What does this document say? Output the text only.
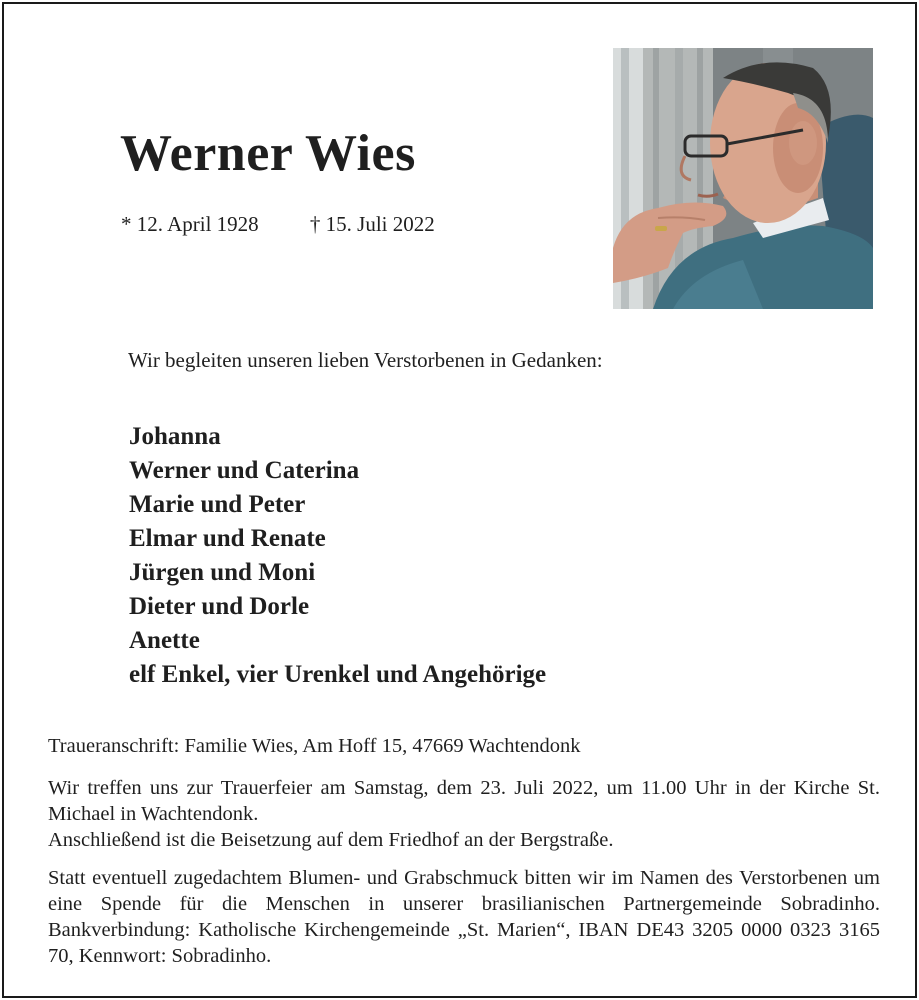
Werner Wies
* 12. April 1928 † 15. Juli 2022
Wir begleiten unseren lieben Verstorbenen in Gedanken:
Johanna
Werner und Caterina
Marie und Peter
Elmar und Renate
Jürgen und Moni
Dieter und Dorle
Anette
elf Enkel, vier Urenkel und Angehörige

Traueranschrift: Familie Wies, Am Hoff 15, 47669 Wachtendonk

Wir treffen uns zur Trauerfeier am Samstag, dem 23. Juli 2022, um 11.00 Uhr in der Kirche St. Michael in Wachtendonk.

Anschließend ist die Beisetzung auf dem Friedhof an der Bergstraße.

Statt eventuell zugedachtem Blumen- und Grabschmuck bitten wir im Namen des Verstorbenen um eine Spende für die Menschen in unserer brasilianischen Partnergemeinde Sobradinho. Bankverbindung: Katholische Kirchengemeinde „St. Marien“, IBAN DE43 3205 0000 0323 3165 70, Kennwort: Sobradinho.
